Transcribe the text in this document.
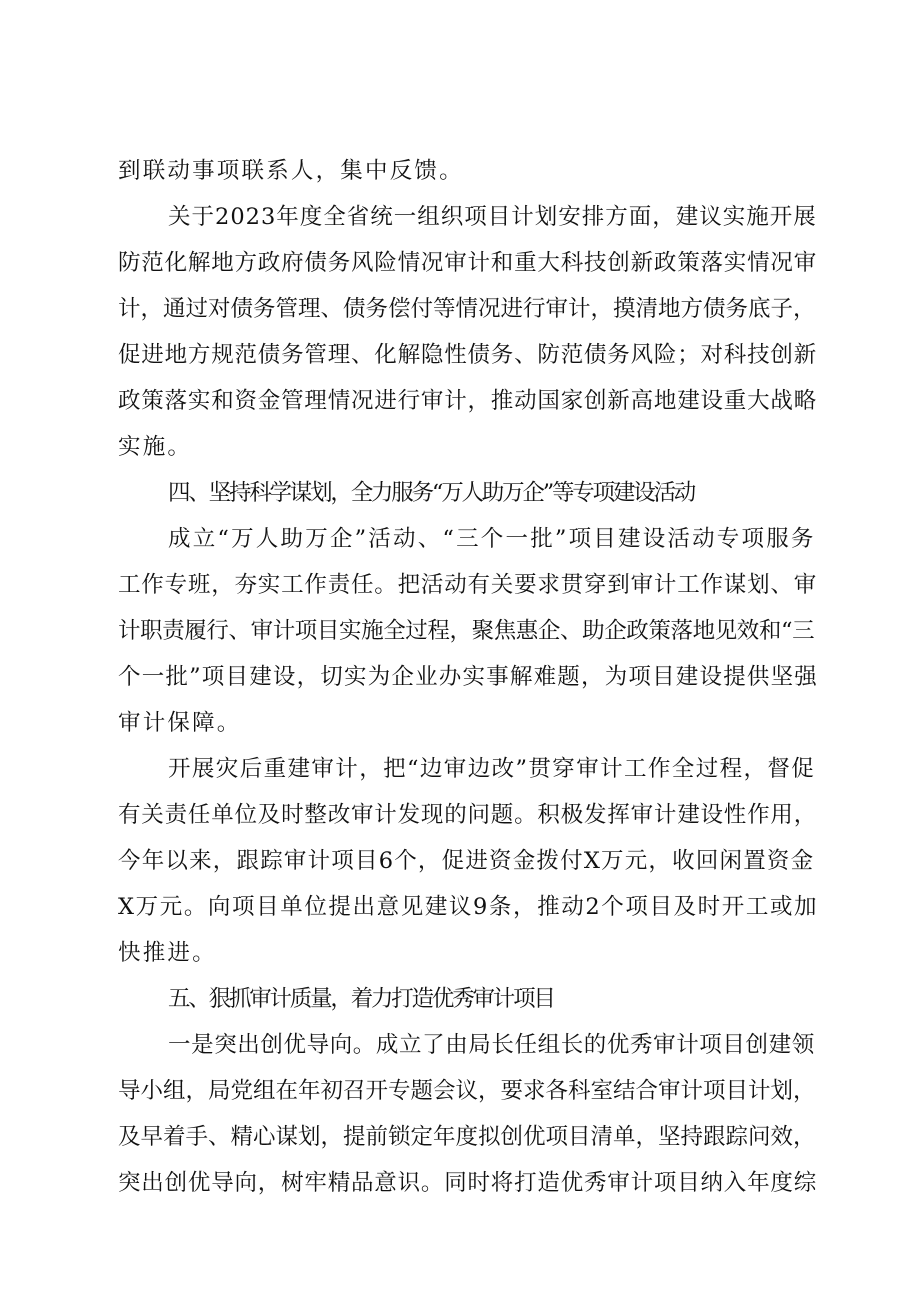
到联动事项联系人，集中反馈。
关于2023年度全省统一组织项目计划安排方面，建议实施开展
防范化解地方政府债务风险情况审计和重大科技创新政策落实情况审
计，通过对债务管理、债务偿付等情况进行审计，摸清地方债务底子，
促进地方规范债务管理、化解隐性债务、防范债务风险；对科技创新
政策落实和资金管理情况进行审计，推动国家创新高地建设重大战略
实施。
四、坚持科学谋划，全力服务“万人助万企”等专项建设活动
成立“万人助万企”活动、“三个一批”项目建设活动专项服务
工作专班，夯实工作责任。把活动有关要求贯穿到审计工作谋划、审
计职责履行、审计项目实施全过程，聚焦惠企、助企政策落地见效和“三
个一批”项目建设，切实为企业办实事解难题，为项目建设提供坚强
审计保障。
开展灾后重建审计，把“边审边改”贯穿审计工作全过程，督促
有关责任单位及时整改审计发现的问题。积极发挥审计建设性作用，
今年以来，跟踪审计项目6个，促进资金拨付X万元，收回闲置资金
X万元。向项目单位提出意见建议9条，推动2个项目及时开工或加
快推进。
五、狠抓审计质量，着力打造优秀审计项目
一是突出创优导向。成立了由局长任组长的优秀审计项目创建领
导小组，局党组在年初召开专题会议，要求各科室结合审计项目计划，
及早着手、精心谋划，提前锁定年度拟创优项目清单，坚持跟踪问效，
突出创优导向，树牢精品意识。同时将打造优秀审计项目纳入年度综
